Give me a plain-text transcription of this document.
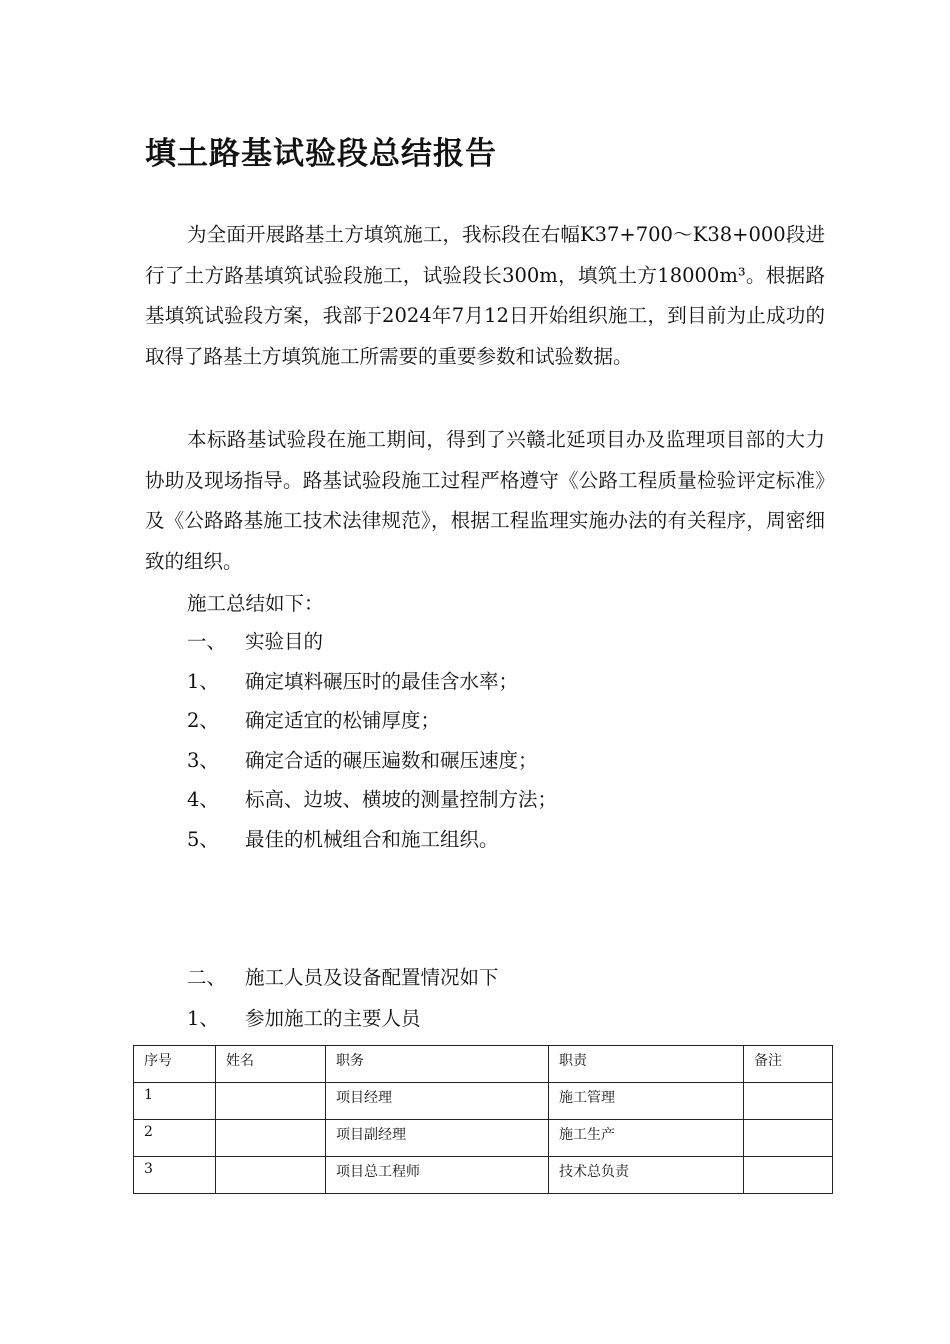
填土路基试验段总结报告

为全面开展路基土方填筑施工，我标段在右幅K37+700～K38+000段进行了土方路基填筑试验段施工，试验段长300m，填筑土方18000m³。根据路基填筑试验段方案，我部于2024年7月12日开始组织施工，到目前为止成功的取得了路基土方填筑施工所需要的重要参数和试验数据。

本标路基试验段在施工期间，得到了兴赣北延项目办及监理项目部的大力协助及现场指导。路基试验段施工过程严格遵守《公路工程质量检验评定标准》及《公路路基施工技术法律规范》，根据工程监理实施办法的有关程序，周密细致的组织。

施工总结如下：
一、 实验目的
1、 确定填料碾压时的最佳含水率；
2、 确定适宜的松铺厚度；
3、 确定合适的碾压遍数和碾压速度；
4、 标高、边坡、横坡的测量控制方法；
5、 最佳的机械组合和施工组织。
二、 施工人员及设备配置情况如下
1、 参加施工的主要人员
序号	姓名	职务	职责	备注
1		项目经理	施工管理	
2		项目副经理	施工生产	
3		项目总工程师	技术总负责	
